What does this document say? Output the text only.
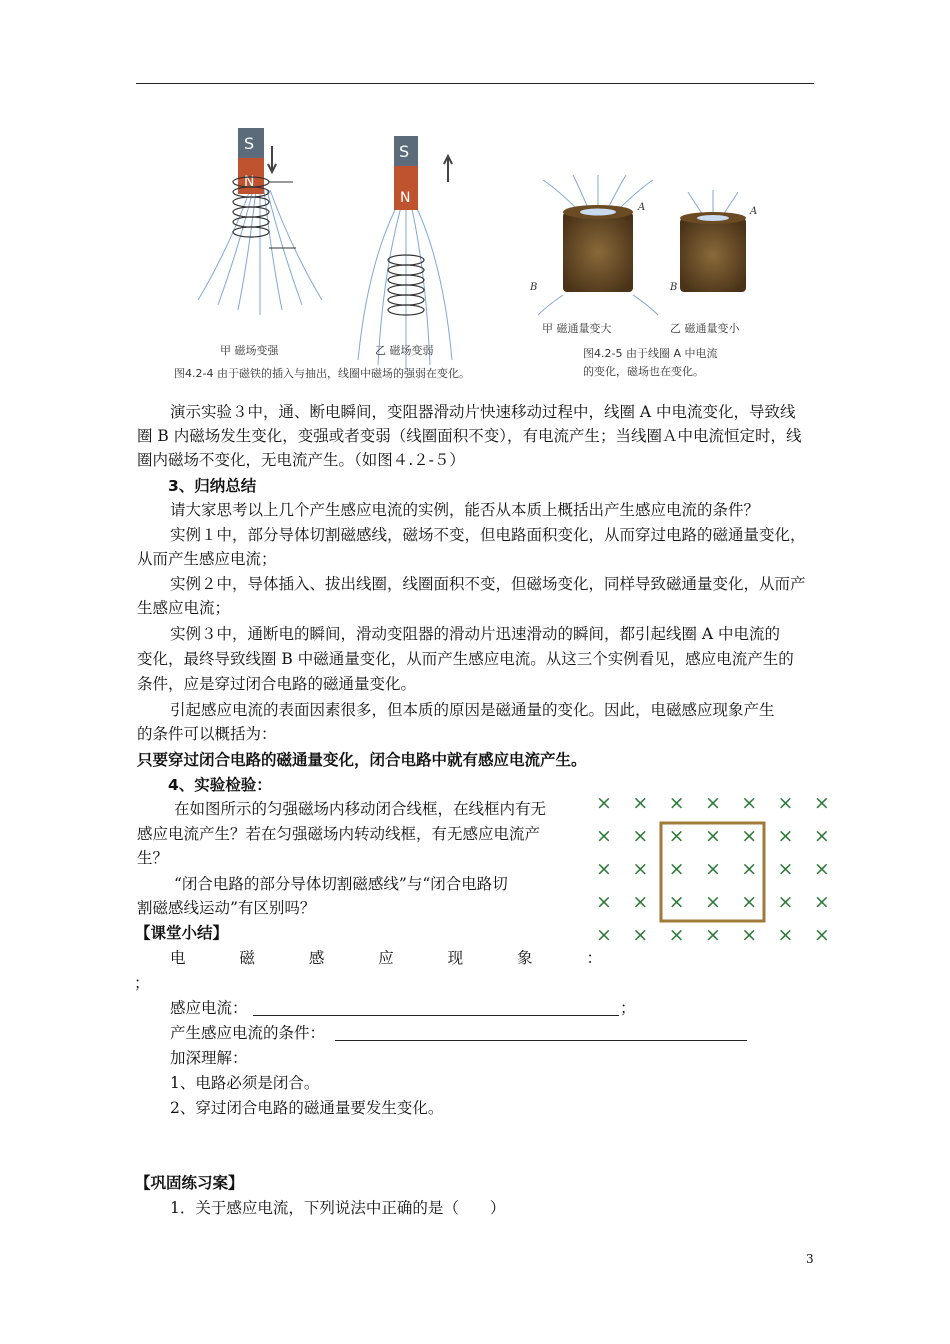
S
N
S
N
A
B
A
B
甲 磁场变强	乙 磁场变弱
图4.2-4 由于磁铁的插入与抽出，线圈中磁场的强弱在变化。
甲 磁通量变大	乙 磁通量变小
图4.2-5 由于线圈 A 中电流
的变化，磁场也在变化。
演示实验３中，通、断电瞬间，变阻器滑动片快速移动过程中，线圈 A 中电流变化，导致线
圈 B 内磁场发生变化，变强或者变弱（线圈面积不变），有电流产生；当线圈Ａ中电流恒定时，线
圈内磁场不变化，无电流产生。（如图４.２-５）
3、归纳总结
请大家思考以上几个产生感应电流的实例，能否从本质上概括出产生感应电流的条件？
实例１中，部分导体切割磁感线，磁场不变，但电路面积变化，从而穿过电路的磁通量变化，
从而产生感应电流；
实例２中，导体插入、拔出线圈，线圈面积不变，但磁场变化，同样导致磁通量变化，从而产
生感应电流；
实例３中，通断电的瞬间，滑动变阻器的滑动片迅速滑动的瞬间，都引起线圈 A 中电流的
变化，最终导致线圈 B 中磁通量变化，从而产生感应电流。从这三个实例看见，感应电流产生的
条件，应是穿过闭合电路的磁通量变化。
引起感应电流的表面因素很多，但本质的原因是磁通量的变化。因此，电磁感应现象产生
的条件可以概括为：
只要穿过闭合电路的磁通量变化，闭合电路中就有感应电流产生。
4、实验检验：
在如图所示的匀强磁场内移动闭合线框，在线框内有无
感应电流产生？若在匀强磁场内转动线框，有无感应电流产
生？
“闭合电路的部分导体切割磁感线”与“闭合电路切
割磁感线运动”有区别吗？
× × × × × × ×
× × × × × × ×
× × × × × × ×
× × × × × × ×
× × × × × × ×
【课堂小结】
电	磁	感	应	现	象	：
；
感应电流：	；
产生感应电流的条件：
加深理解：
1、电路必须是闭合。
2、穿过闭合电路的磁通量要发生变化。
【巩固练习案】
1．关于感应电流，下列说法中正确的是（　　）
3
